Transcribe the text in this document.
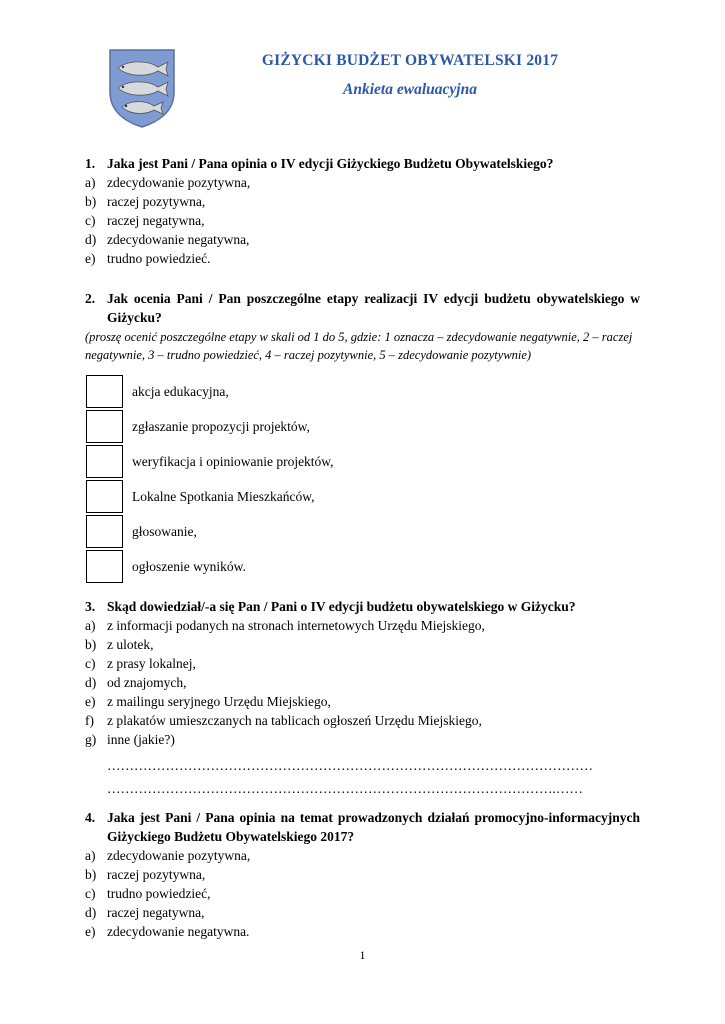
GIŻYCKI BUDŻET OBYWATELSKI 2017
Ankieta ewaluacyjna
1. Jaka jest Pani / Pana opinia o IV edycji Giżyckiego Budżetu Obywatelskiego?
a) zdecydowanie pozytywna,
b) raczej pozytywna,
c) raczej negatywna,
d) zdecydowanie negatywna,
e) trudno powiedzieć.
2. Jak ocenia Pani / Pan poszczególne etapy realizacji IV edycji budżetu obywatelskiego w Giżycku?
(proszę ocenić poszczególne etapy w skali od 1 do 5, gdzie: 1 oznacza – zdecydowanie negatywnie, 2 – raczej negatywnie, 3 – trudno powiedzieć, 4 – raczej pozytywnie, 5 – zdecydowanie pozytywnie)
akcja edukacyjna,
zgłaszanie propozycji projektów,
weryfikacja i opiniowanie projektów,
Lokalne Spotkania Mieszkańców,
głosowanie,
ogłoszenie wyników.
3. Skąd dowiedział/-a się Pan / Pani o IV edycji budżetu obywatelskiego w Giżycku?
a) z informacji podanych na stronach internetowych Urzędu Miejskiego,
b) z ulotek,
c) z prasy lokalnej,
d) od znajomych,
e) z mailingu seryjnego Urzędu Miejskiego,
f) z plakatów umieszczanych na tablicach ogłoszeń Urzędu Miejskiego,
g) inne (jakie?)
………………………………………………………………………………………………
……………………………………………………………………………………….……
4. Jaka jest Pani / Pana opinia na temat prowadzonych działań promocyjno-informacyjnych Giżyckiego Budżetu Obywatelskiego 2017?
a) zdecydowanie pozytywna,
b) raczej pozytywna,
c) trudno powiedzieć,
d) raczej negatywna,
e) zdecydowanie negatywna.
1
